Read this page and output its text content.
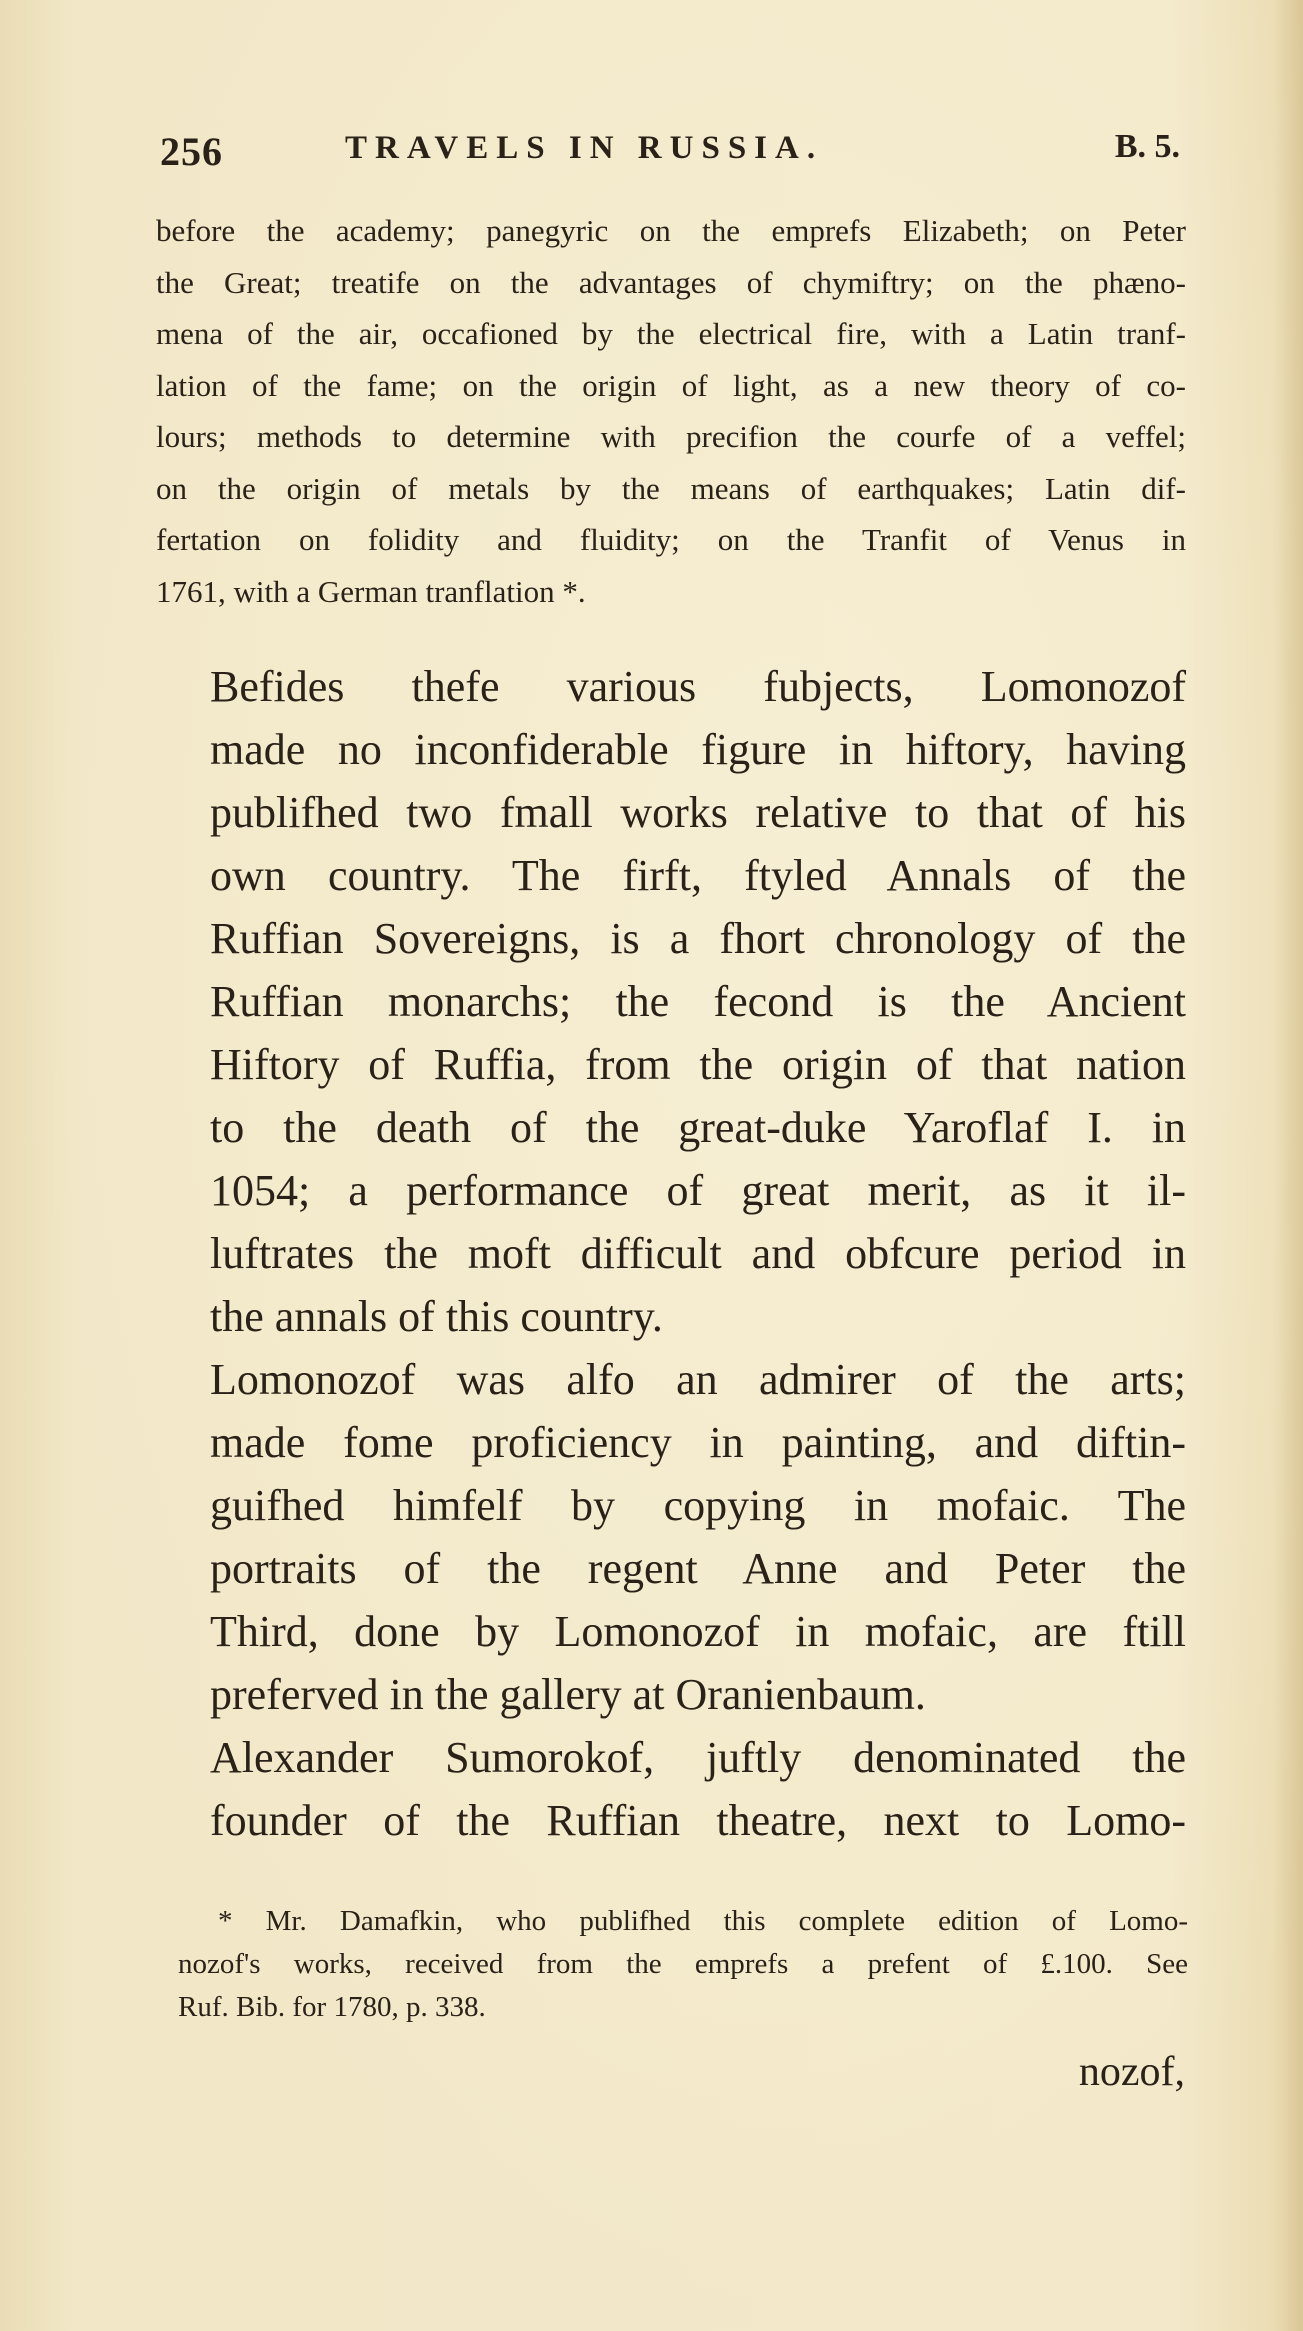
256	TRAVELS IN RUSSIA.	B. 5.
before the academy; panegyric on the emprefs Elizabeth; on Peter
the Great; treatife on the advantages of chymiftry; on the phæno-
mena of the air, occafioned by the electrical fire, with a Latin tranf-
lation of the fame; on the origin of light, as a new theory of co-
lours; methods to determine with precifion the courfe of a veffel;
on the origin of metals by the means of earthquakes; Latin dif-
fertation on folidity and fluidity; on the Tranfit of Venus in
1761, with a German tranflation *.
Befides thefe various fubjects, Lomonozof
made no inconfiderable figure in hiftory, having
publifhed two fmall works relative to that of his
own country. The firft, ftyled Annals of the
Ruffian Sovereigns, is a fhort chronology of the
Ruffian monarchs; the fecond is the Ancient
Hiftory of Ruffia, from the origin of that nation
to the death of the great-duke Yaroflaf I. in
1054; a performance of great merit, as it il-
luftrates the moft difficult and obfcure period in
the annals of this country.
Lomonozof was alfo an admirer of the arts;
made fome proficiency in painting, and diftin-
guifhed himfelf by copying in mofaic. The
portraits of the regent Anne and Peter the
Third, done by Lomonozof in mofaic, are ftill
preferved in the gallery at Oranienbaum.
Alexander Sumorokof, juftly denominated the
founder of the Ruffian theatre, next to Lomo-
* Mr. Damafkin, who publifhed this complete edition of Lomo-
nozof's works, received from the emprefs a prefent of £.100. See
Ruf. Bib. for 1780, p. 338.
nozof,
